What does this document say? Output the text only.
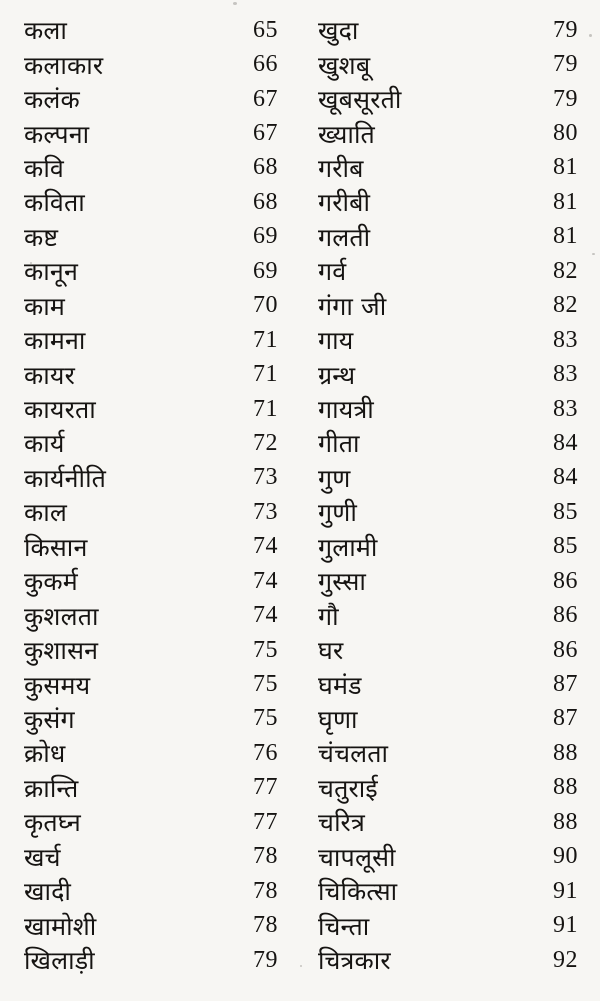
कला	65
कलाकार	66
कलंक	67
कल्पना	67
कवि	68
कविता	68
कष्ट	69
कानून	69
काम	70
कामना	71
कायर	71
कायरता	71
कार्य	72
कार्यनीति	73
काल	73
किसान	74
कुकर्म	74
कुशलता	74
कुशासन	75
कुसमय	75
कुसंग	75
क्रोध	76
क्रान्ति	77
कृतघ्न	77
खर्च	78
खादी	78
खामोशी	78
खिलाड़ी	79
खुदा	79
खुशबू	79
खूबसूरती	79
ख्याति	80
गरीब	81
गरीबी	81
गलती	81
गर्व	82
गंगा जी	82
गाय	83
ग्रन्थ	83
गायत्री	83
गीता	84
गुण	84
गुणी	85
गुलामी	85
गुस्सा	86
गौ	86
घर	86
घमंड	87
घृणा	87
चंचलता	88
चतुराई	88
चरित्र	88
चापलूसी	90
चिकित्सा	91
चिन्ता	91
चित्रकार	92
